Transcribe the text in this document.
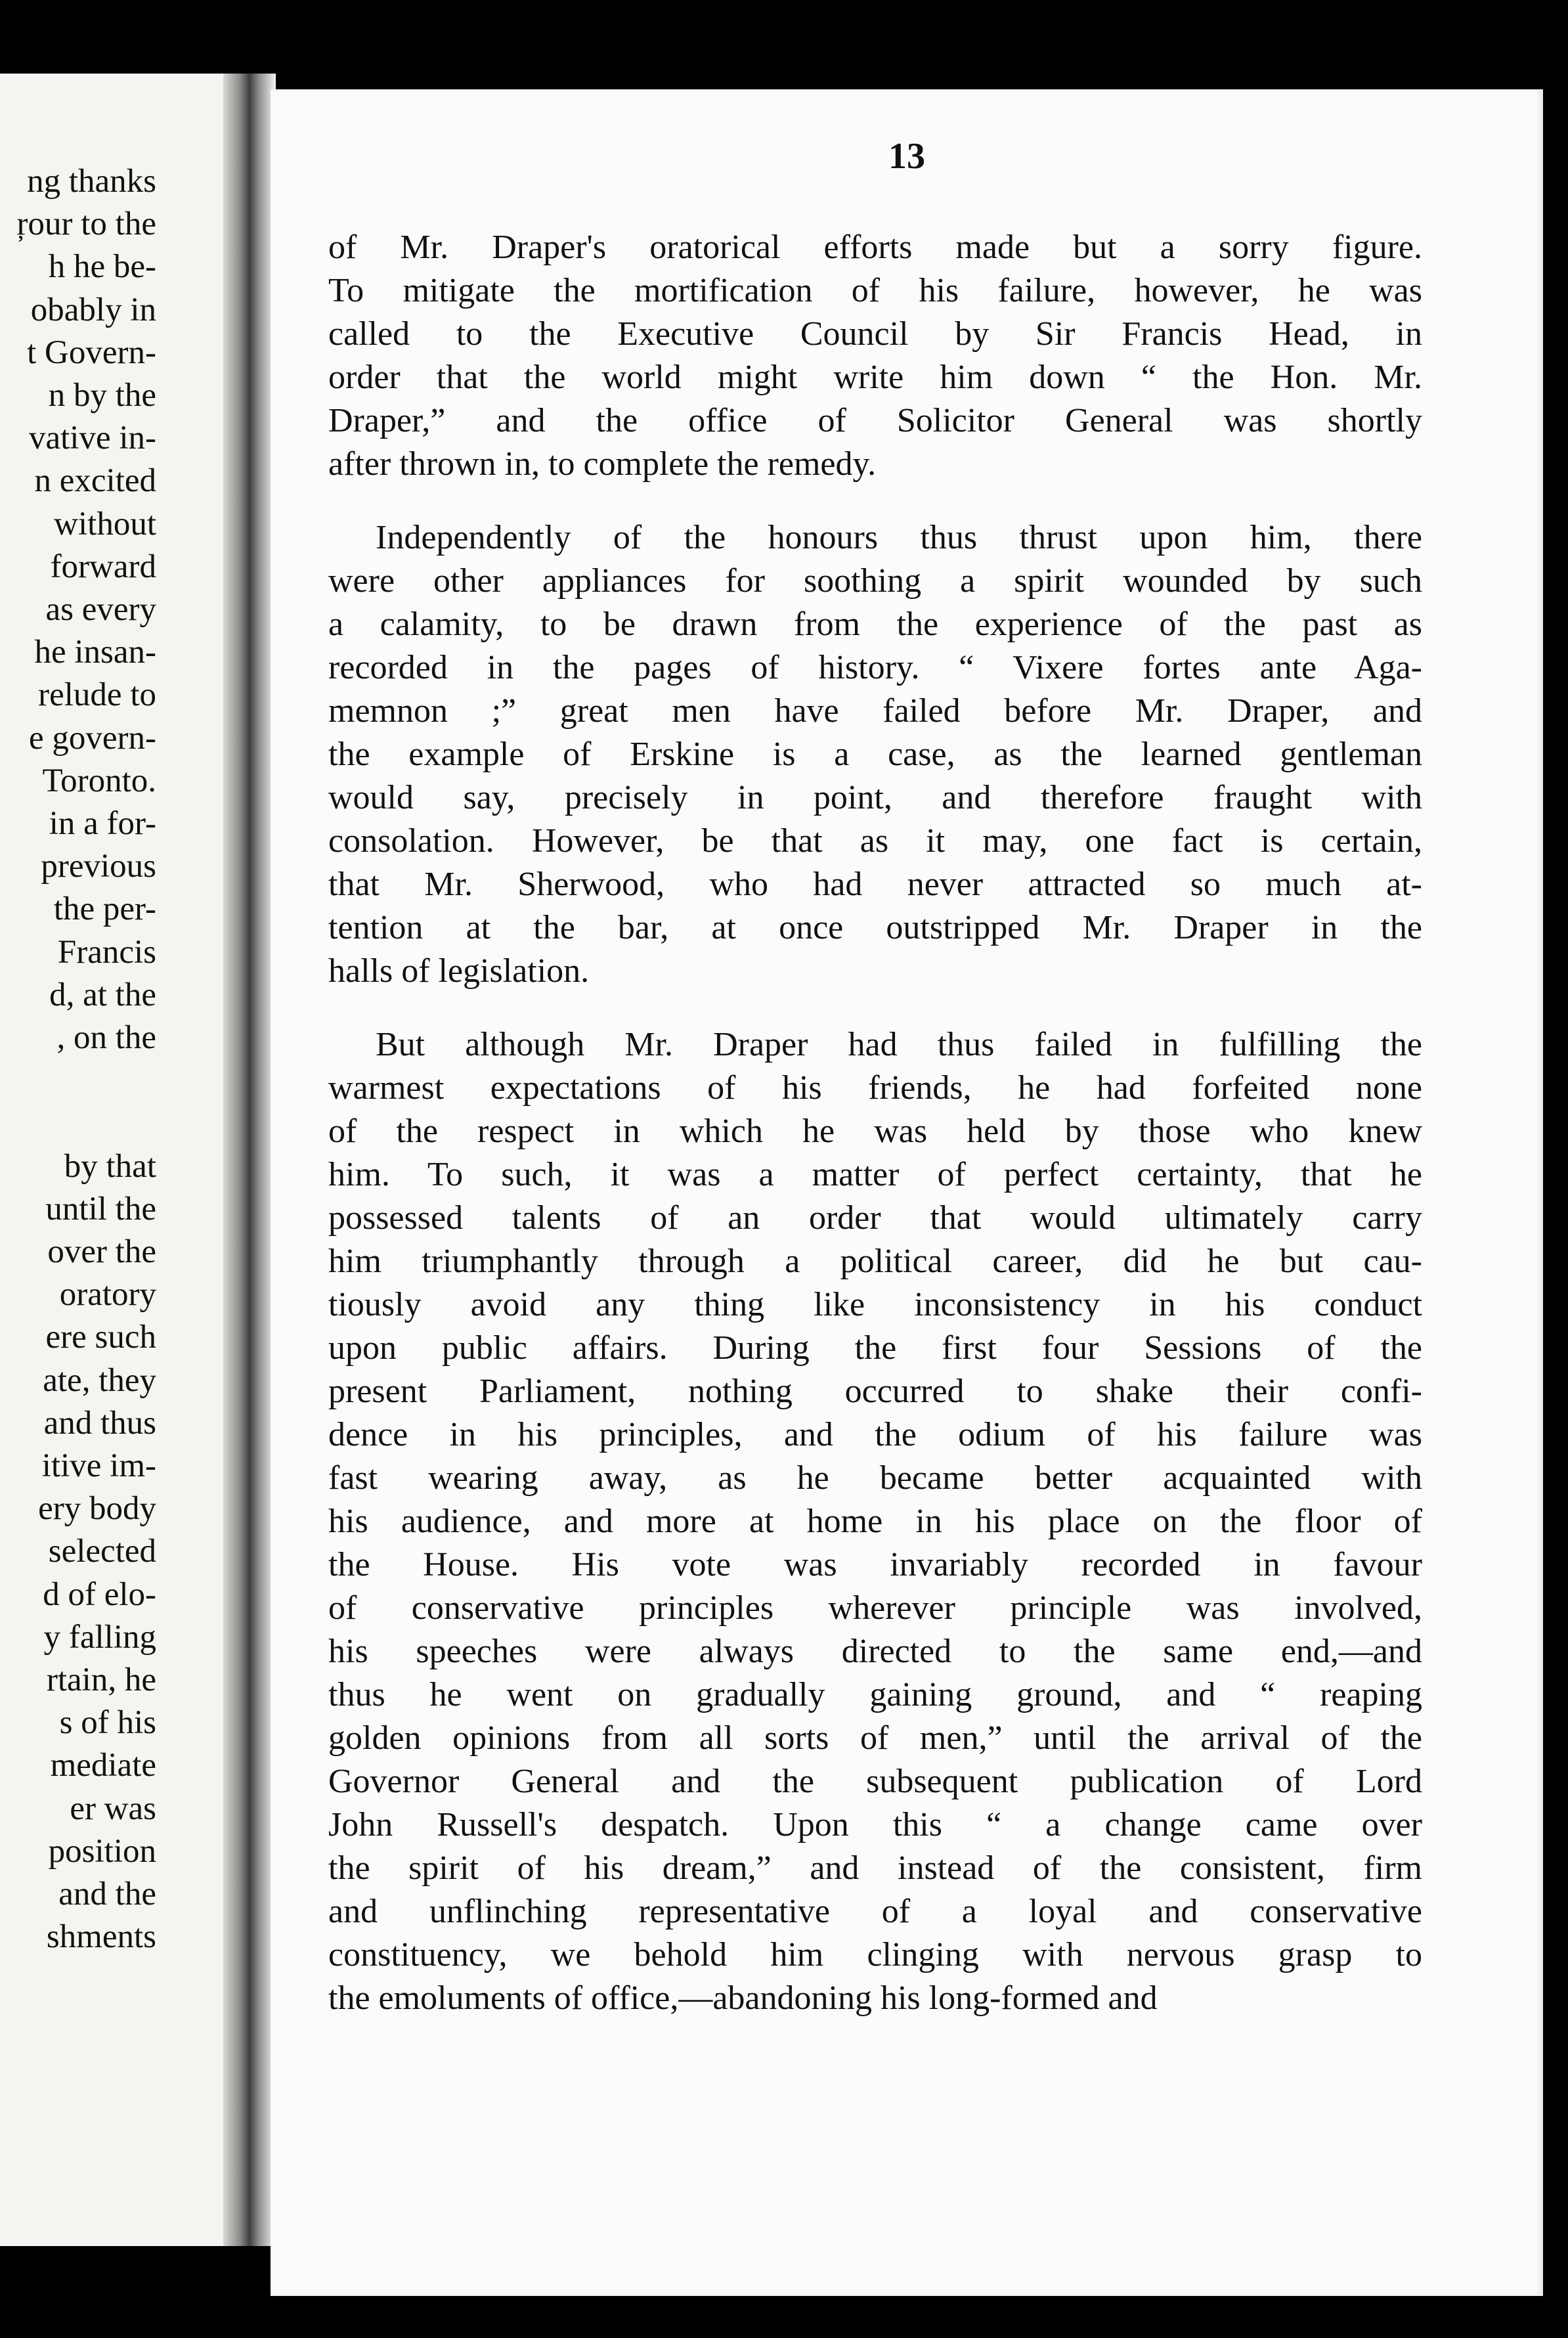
ng thanks
ŗour to the
h he be-
obably in
t Govern-
n by the
vative in-
n excited
without
forward
as every
he insan-
relude to
e govern-
Toronto.
in a for-
previous
the per-
Francis
d, at the
, on the
by that
until the
over the
oratory
ere such
ate, they
and thus
itive im-
ery body
selected
d of elo-
y falling
rtain, he
s of his
mediate
er was
position
and the
shments
13
of Mr. Draper's oratorical efforts made but a sorry figure.
To mitigate the mortification of his failure, however, he was
called to the Executive Council by Sir Francis Head, in
order that the world might write him down “ the Hon. Mr.
Draper,” and the office of Solicitor General was shortly
after thrown in, to complete the remedy.
Independently of the honours thus thrust upon him, there
were other appliances for soothing a spirit wounded by such
a calamity, to be drawn from the experience of the past as
recorded in the pages of history. “ Vixere fortes ante Aga-
memnon ;” great men have failed before Mr. Draper, and
the example of Erskine is a case, as the learned gentleman
would say, precisely in point, and therefore fraught with
consolation. However, be that as it may, one fact is certain,
that Mr. Sherwood, who had never attracted so much at-
tention at the bar, at once outstripped Mr. Draper in the
halls of legislation.
But although Mr. Draper had thus failed in fulfilling the
warmest expectations of his friends, he had forfeited none
of the respect in which he was held by those who knew
him. To such, it was a matter of perfect certainty, that he
possessed talents of an order that would ultimately carry
him triumphantly through a political career, did he but cau-
tiously avoid any thing like inconsistency in his conduct
upon public affairs. During the first four Sessions of the
present Parliament, nothing occurred to shake their confi-
dence in his principles, and the odium of his failure was
fast wearing away, as he became better acquainted with
his audience, and more at home in his place on the floor of
the House. His vote was invariably recorded in favour
of conservative principles wherever principle was involved,
his speeches were always directed to the same end,—and
thus he went on gradually gaining ground, and “ reaping
golden opinions from all sorts of men,” until the arrival of the
Governor General and the subsequent publication of Lord
John Russell's despatch. Upon this “ a change came over
the spirit of his dream,” and instead of the consistent, firm
and unflinching representative of a loyal and conservative
constituency, we behold him clinging with nervous grasp to
the emoluments of office,—abandoning his long-formed and
